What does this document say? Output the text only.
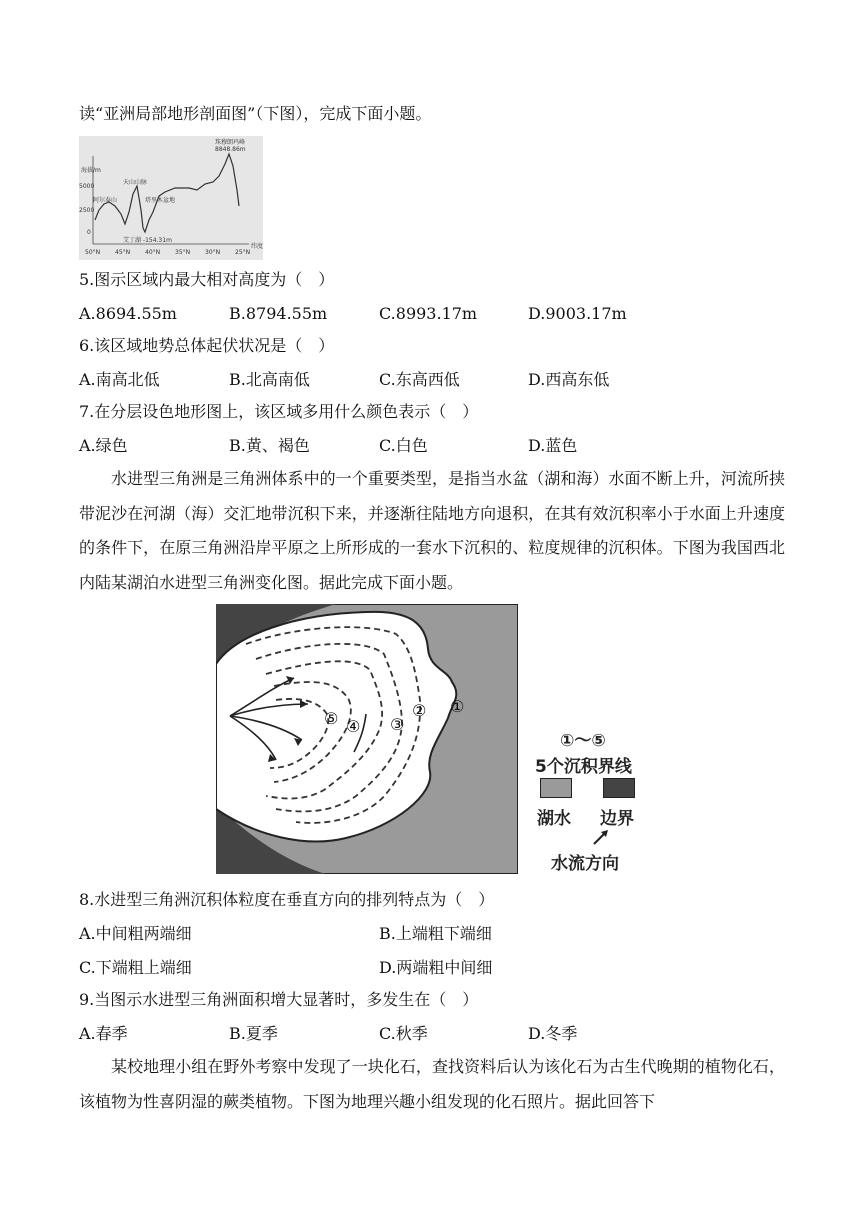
读“亚洲局部地形剖面图”（下图），完成下面小题。
海拔/m
5000
2500
0
阿尔泰山
天山山脉
塔里木盆地
艾丁湖 -154.31m
珠穆朗玛峰
8848.86m
50°N 45°N 40°N 35°N 30°N 25°N
纬度
5.图示区域内最大相对高度为（　）
A.8694.55m	B.8794.55m	C.8993.17m	D.9003.17m
6.该区域地势总体起伏状况是（　）
A.南高北低	B.北高南低	C.东高西低	D.西高东低
7.在分层设色地形图上，该区域多用什么颜色表示（　）
A.绿色	B.黄、褐色	C.白色	D.蓝色
水进型三角洲是三角洲体系中的一个重要类型，是指当水盆（湖和海）水面不断上升，河流所挟带泥沙在河湖（海）交汇地带沉积下来，并逐渐往陆地方向退积，在其有效沉积率小于水面上升速度的条件下，在原三角洲沿岸平原之上所形成的一套水下沉积的、粒度规律的沉积体。下图为我国西北内陆某湖泊水进型三角洲变化图。据此完成下面小题。
⑤ ④ ③
② ①
①～⑤
5个沉积界线
湖水 边界
水流方向
8.水进型三角洲沉积体粒度在垂直方向的排列特点为（　）
A.中间粗两端细	B.上端粗下端细
C.下端粗上端细	D.两端粗中间细
9.当图示水进型三角洲面积增大显著时，多发生在（　）
A.春季	B.夏季	C.秋季	D.冬季
某校地理小组在野外考察中发现了一块化石，查找资料后认为该化石为古生代晚期的植物化石，该植物为性喜阴湿的蕨类植物。下图为地理兴趣小组发现的化石照片。据此回答下
